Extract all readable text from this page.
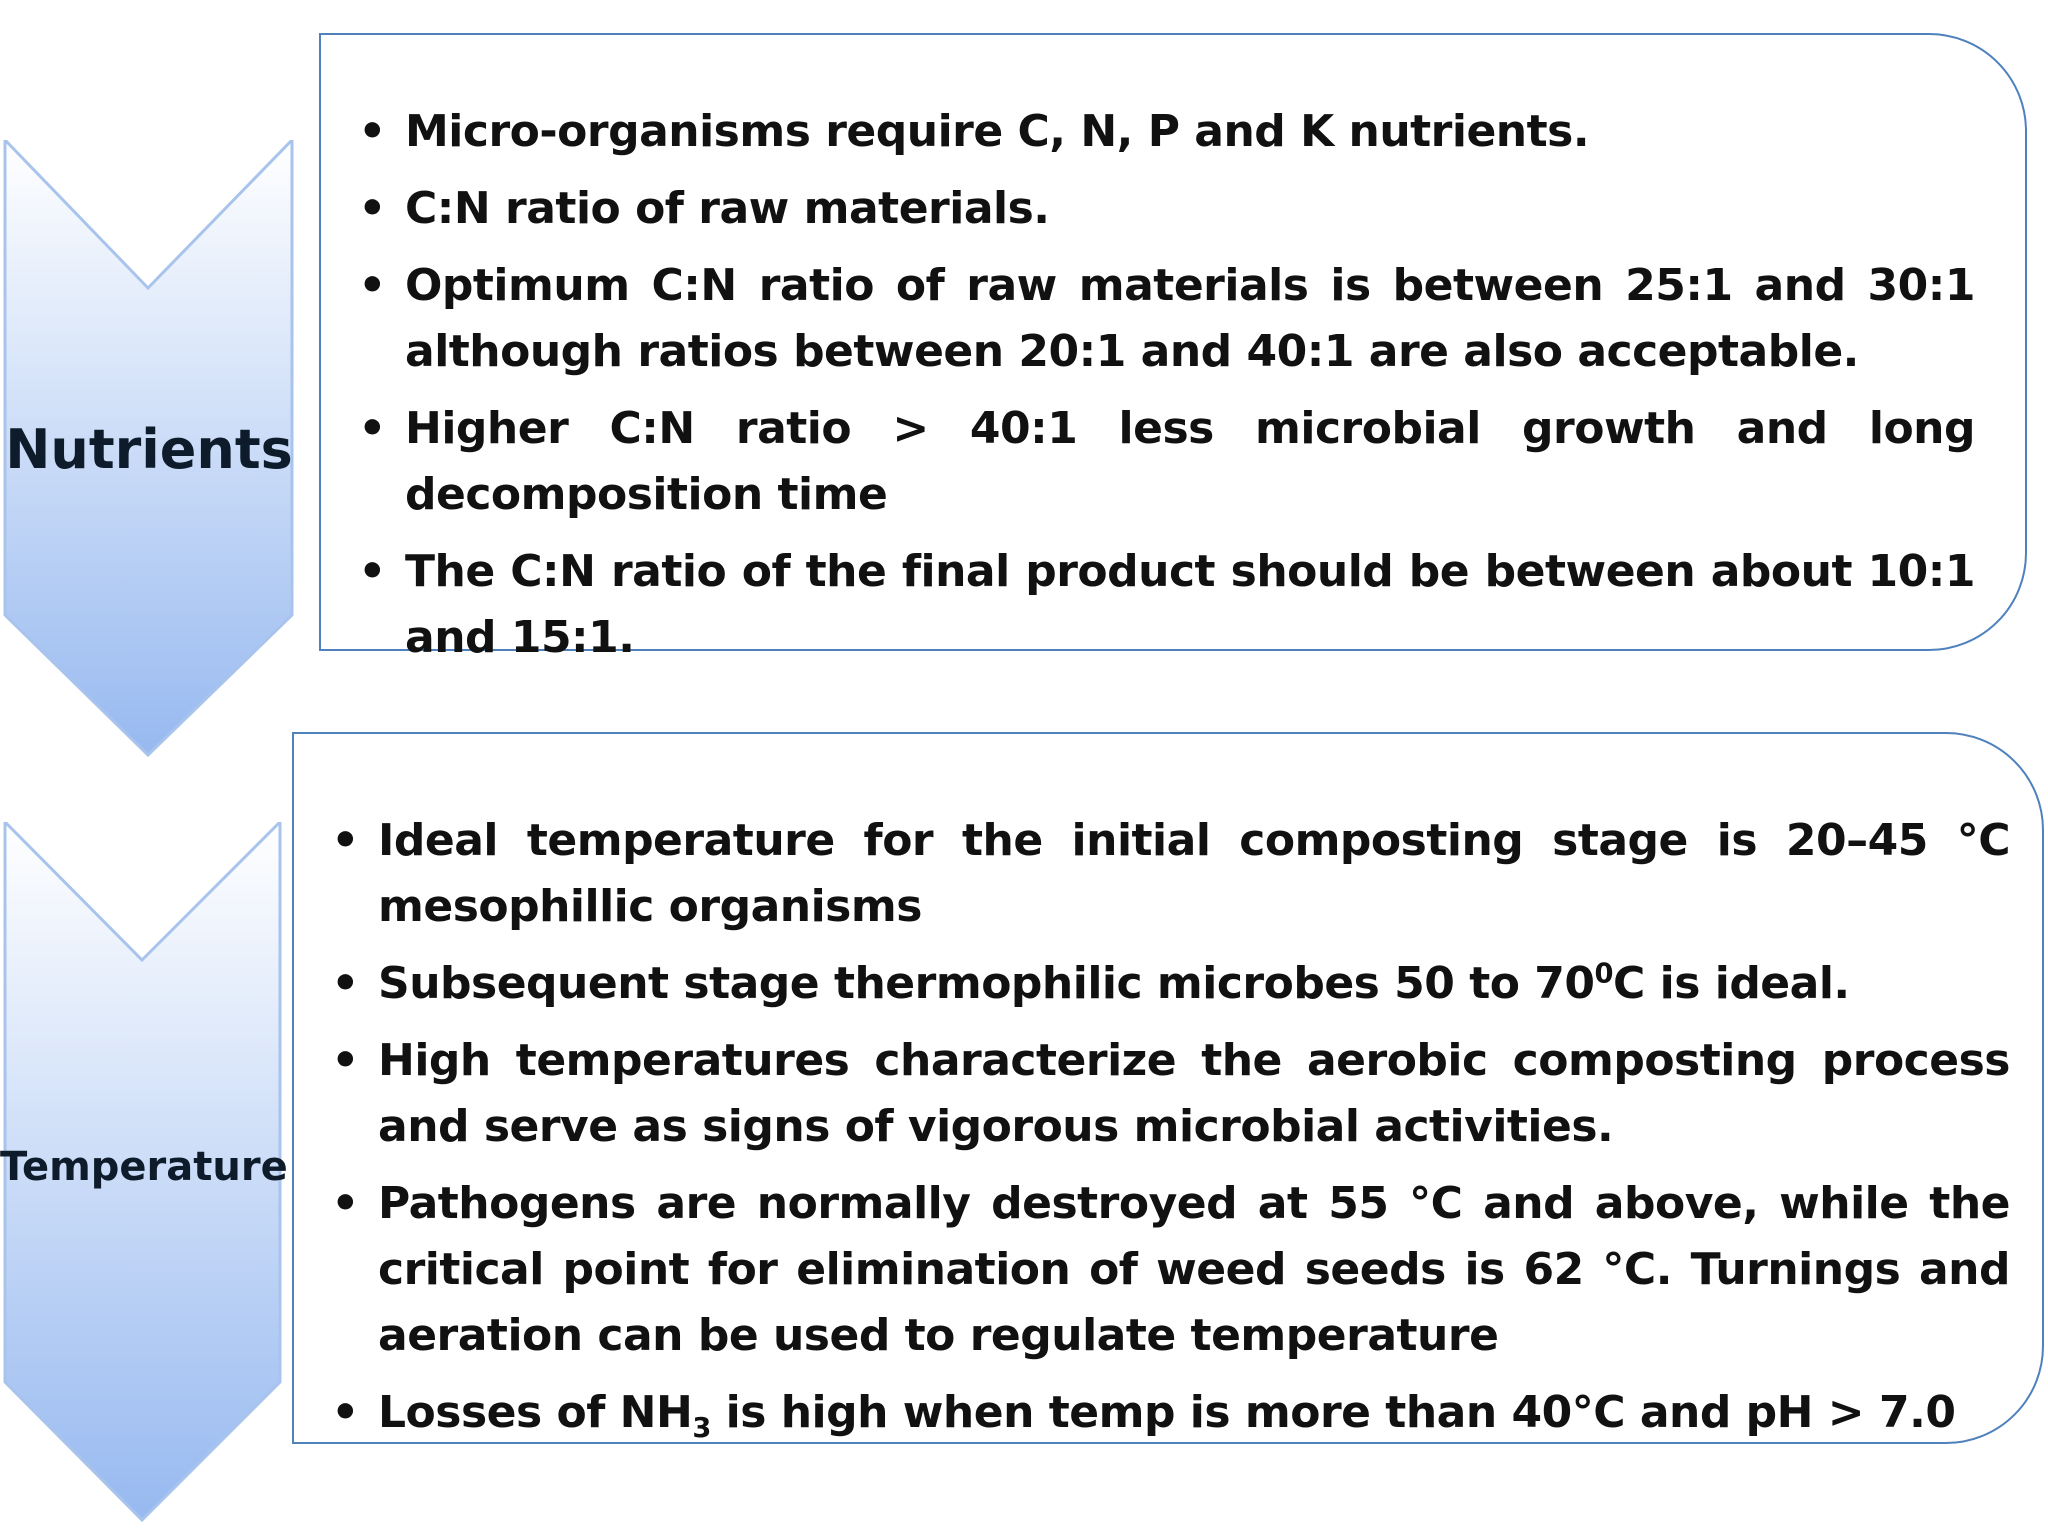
Nutrients
• Micro-organisms require C, N, P and K nutrients.
• C:N ratio of raw materials.
• Optimum C:N ratio of raw materials is between 25:1 and 30:1 although ratios between 20:1 and 40:1 are also acceptable.
• Higher C:N ratio > 40:1 less microbial growth and long decomposition time
• The C:N ratio of the final product should be between about 10:1 and 15:1.
Temperature
• Ideal temperature for the initial composting stage is 20–45 °C mesophillic organisms
• Subsequent stage thermophilic microbes 50 to $70^0C$ is ideal.
• High temperatures characterize the aerobic composting process and serve as signs of vigorous microbial activities.
• Pathogens are normally destroyed at 55 °C and above, while the critical point for elimination of weed seeds is 62 °C. Turnings and aeration can be used to regulate temperature
• Losses of $NH_3$ is high when temp is more than 40°C and pH > 7.0
